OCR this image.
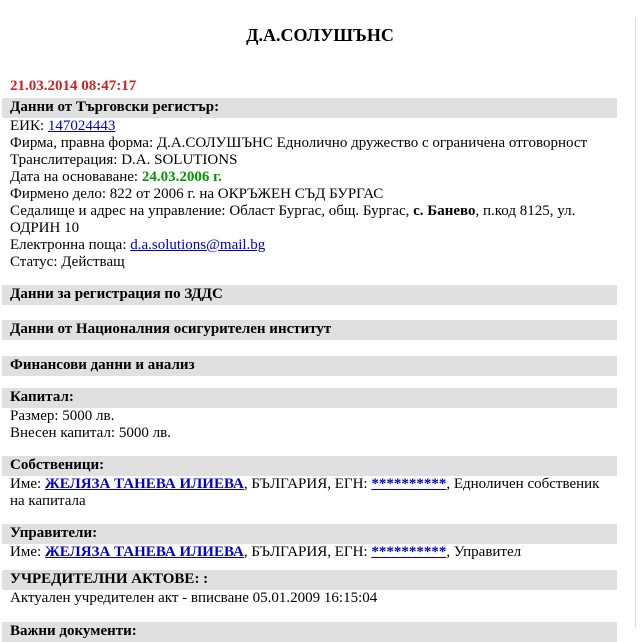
Д.А.СОЛУШЪНС
21.03.2014 08:47:17
Данни от Търговски регистър:
ЕИК: 147024443
Фирма, правна форма: Д.А.СОЛУШЪНС Еднолично дружество с ограничена отговорност
Транслитерация: D.A. SOLUTIONS
Дата на основаване: 24.03.2006 г.
Фирмено дело: 822 от 2006 г. на ОКРЪЖЕН СЪД БУРГАС
Седалище и адрес на управление: Област Бургас, общ. Бургас, с. Банево, п.код 8125, ул. ОДРИН 10
Електронна поща: d.a.solutions@mail.bg
Статус: Действащ
Данни за регистрация по ЗДДС
Данни от Националния осигурителен институт
Финансови данни и анализ
Капитал:
Размер: 5000 лв.
Внесен капитал: 5000 лв.
Собственици:
Име: ЖЕЛЯЗА ТАНЕВА ИЛИЕВА, БЪЛГАРИЯ, ЕГН: **********, Едноличен собственик на капитала
Управители:
Име: ЖЕЛЯЗА ТАНЕВА ИЛИЕВА, БЪЛГАРИЯ, ЕГН: **********, Управител
УЧРЕДИТЕЛНИ АКТОВЕ: :
Актуален учредителен акт - вписване 05.01.2009 16:15:04
Важни документи:
